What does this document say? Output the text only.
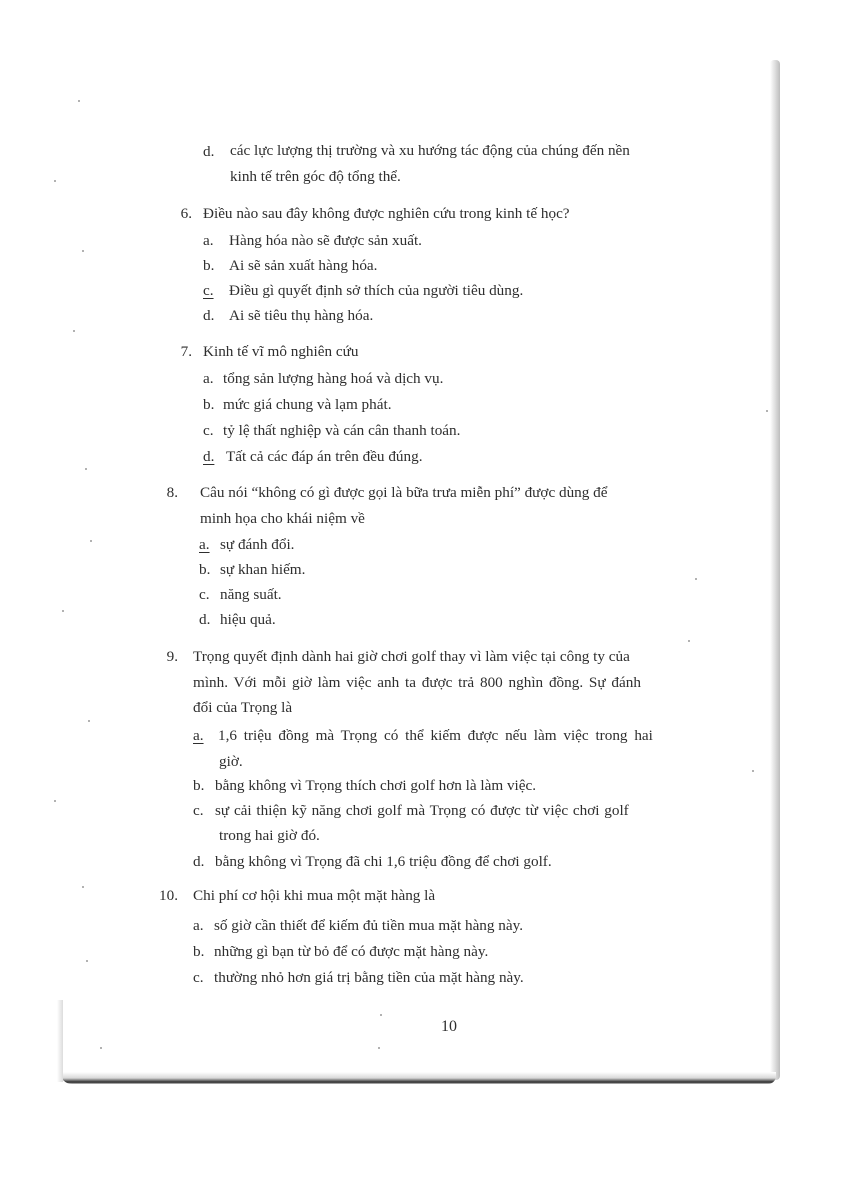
d. các lực lượng thị trường và xu hướng tác động của chúng đến nền
kinh tế trên góc độ tổng thể.
6. Điều nào sau đây không được nghiên cứu trong kinh tế học?
a. Hàng hóa nào sẽ được sản xuất.
b. Ai sẽ sản xuất hàng hóa.
c. Điều gì quyết định sở thích của người tiêu dùng.
d. Ai sẽ tiêu thụ hàng hóa.
7. Kinh tế vĩ mô nghiên cứu
a. tổng sản lượng hàng hoá và dịch vụ.
b. mức giá chung và lạm phát.
c. tỷ lệ thất nghiệp và cán cân thanh toán.
d. Tất cả các đáp án trên đều đúng.
8. Câu nói “không có gì được gọi là bữa trưa miễn phí” được dùng để
minh họa cho khái niệm về
a. sự đánh đổi.
b. sự khan hiếm.
c. năng suất.
d. hiệu quả.
9. Trọng quyết định dành hai giờ chơi golf thay vì làm việc tại công ty của
mình. Với mỗi giờ làm việc anh ta được trả 800 nghìn đồng. Sự đánh
đổi của Trọng là
a. 1,6 triệu đồng mà Trọng có thể kiếm được nếu làm việc trong hai
giờ.
b. bằng không vì Trọng thích chơi golf hơn là làm việc.
c. sự cải thiện kỹ năng chơi golf mà Trọng có được từ việc chơi golf
trong hai giờ đó.
d. bằng không vì Trọng đã chi 1,6 triệu đồng để chơi golf.
10. Chi phí cơ hội khi mua một mặt hàng là
a. số giờ cần thiết để kiếm đủ tiền mua mặt hàng này.
b. những gì bạn từ bỏ để có được mặt hàng này.
c. thường nhỏ hơn giá trị bằng tiền của mặt hàng này.
10
